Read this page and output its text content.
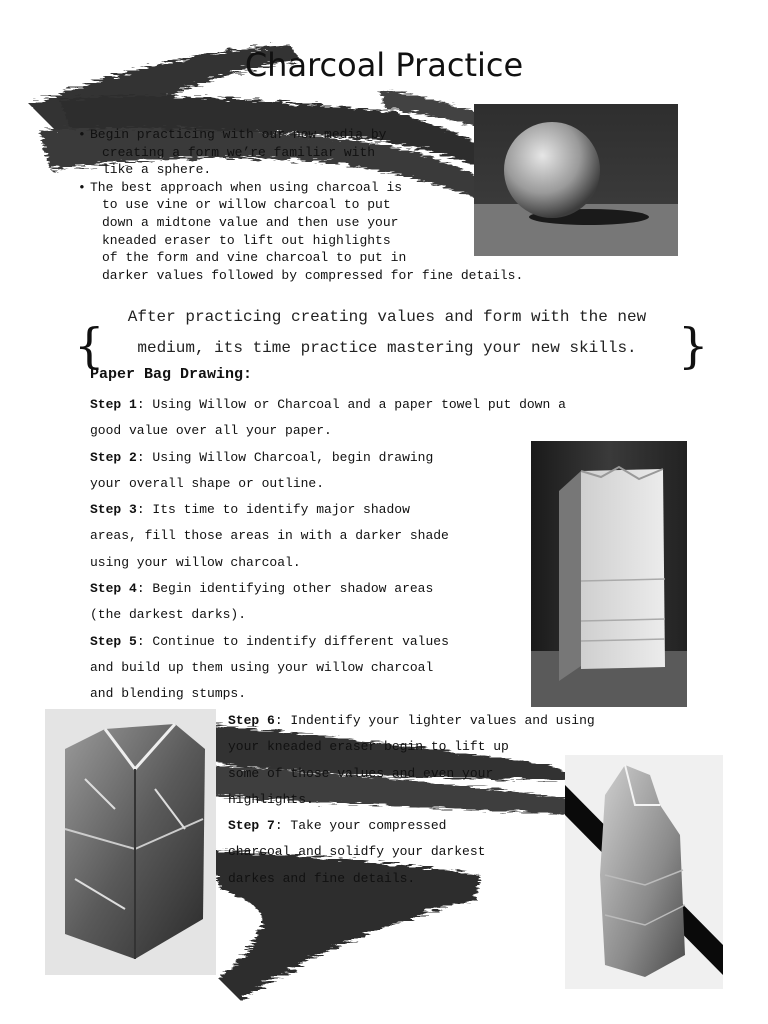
Charcoal Practice
• Begin practicing with our new media by

creating a form we’re familiar with
like a sphere.
• The best approach when using charcoal is

to use vine or willow charcoal to put
down a midtone value and then use your
kneaded eraser to lift out highlights
of the form and vine charcoal to put in
darker values followed by compressed for fine details.
{	}
After practicing creating values and form with the new
medium, its time practice mastering your new skills.
Paper Bag Drawing:

Step 1: Using Willow or Charcoal and a paper towel put down a

good value over all your paper.

Step 2: Using Willow Charcoal, begin drawing

your overall shape or outline.

Step 3: Its time to identify major shadow

areas, fill those areas in with a darker shade

using your willow charcoal.

Step 4: Begin identifying other shadow areas

(the darkest darks).

Step 5: Continue to indentify different values

and build up them using your willow charcoal

and blending stumps.

Step 6: Indentify your lighter values and using

your kneaded eraser begin to lift up

some of those values and even your

highlights.

Step 7: Take your compressed

charcoal and solidfy your darkest

darkes and fine details.
